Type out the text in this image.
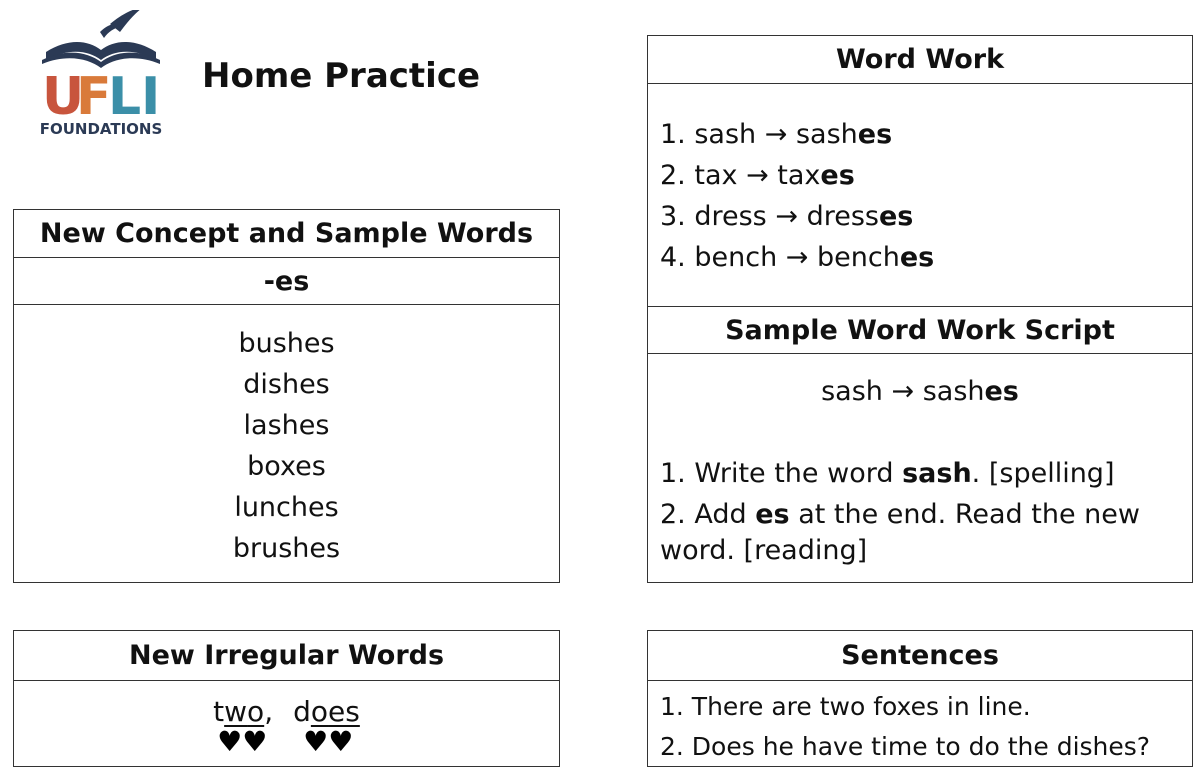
U
F
L I
FOUNDATIONS
Home Practice
New Concept and Sample Words
-es
bushes
dishes
lashes
boxes
lunches
brushes
New Irregular Words
t w o ,
♥ ♥
d o es
♥ ♥
Word Work
1. sash → sashes
2. tax → taxes
3. dress → dresses
4. bench → benches
Sample Word Work Script
sash → sashes
1. Write the word sash. [spelling]
2. Add es at the end. Read the new word. [reading]
Sentences
1. There are two foxes in line.
2. Does he have time to do the dishes?
